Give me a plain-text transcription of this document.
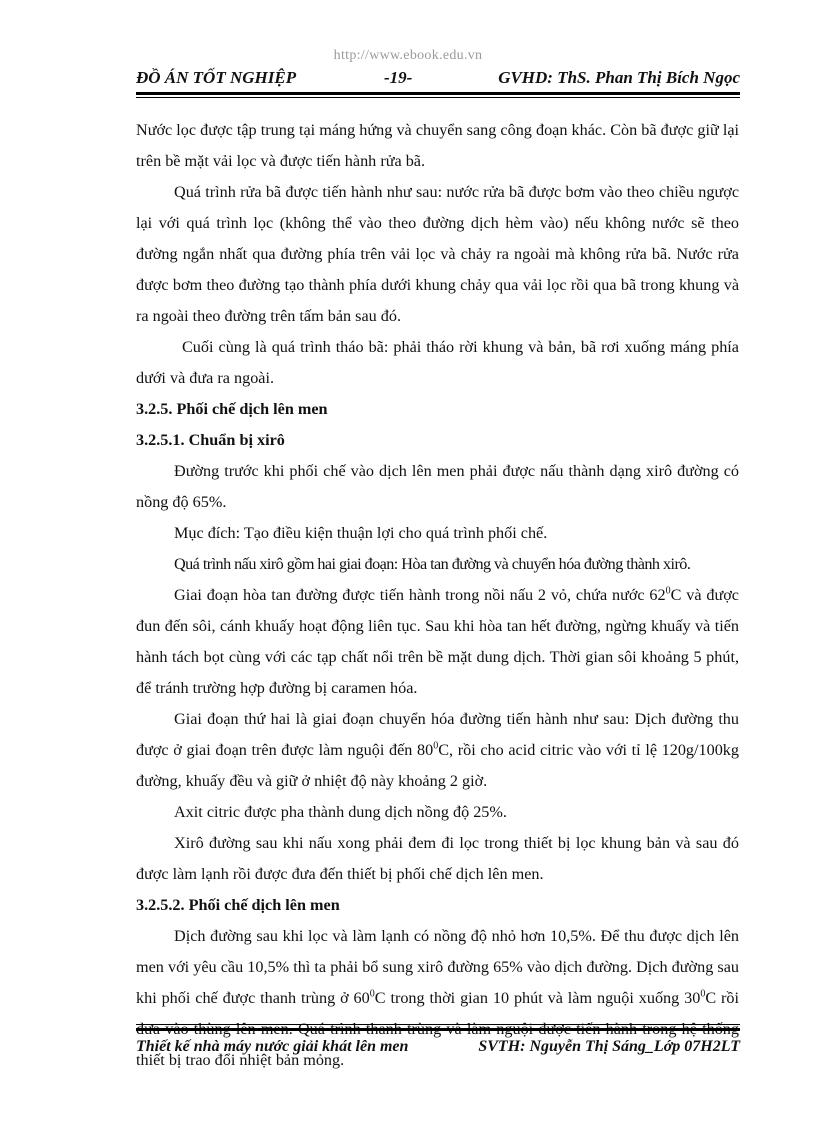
http://www.ebook.edu.vn
ĐỒ ÁN TỐT NGHIỆP	-19-	GVHD: ThS. Phan Thị Bích Ngọc

Nước lọc được tập trung tại máng hứng và chuyển sang công đoạn khác. Còn bã được giữ lại trên bề mặt vải lọc và được tiến hành rửa bã.

Quá trình rửa bã được tiến hành như sau: nước rửa bã được bơm vào theo chiều ngược lại với quá trình lọc (không thể vào theo đường dịch hèm vào) nếu không nước sẽ theo đường ngắn nhất qua đường phía trên vải lọc và chảy ra ngoài mà không rửa bã. Nước rửa được bơm theo đường tạo thành phía dưới khung chảy qua vải lọc rồi qua bã trong khung và ra ngoài theo đường trên tấm bản sau đó.

Cuối cùng là quá trình tháo bã: phải tháo rời khung và bản, bã rơi xuống máng phía dưới và đưa ra ngoài.

3.2.5. Phối chế dịch lên men

3.2.5.1. Chuẩn bị xirô

Đường trước khi phối chế vào dịch lên men phải được nấu thành dạng xirô đường có nồng độ 65%.

Mục đích: Tạo điều kiện thuận lợi cho quá trình phối chế.

Quá trình nấu xirô gồm hai giai đoạn: Hòa tan đường và chuyển hóa đường thành xirô.

Giai đoạn hòa tan đường được tiến hành trong nồi nấu 2 vỏ, chứa nước $62^0C$ và được đun đến sôi, cánh khuấy hoạt động liên tục. Sau khi hòa tan hết đường, ngừng khuấy và tiến hành tách bọt cùng với các tạp chất nổi trên bề mặt dung dịch. Thời gian sôi khoảng 5 phút, để tránh trường hợp đường bị caramen hóa.

Giai đoạn thứ hai là giai đoạn chuyển hóa đường tiến hành như sau: Dịch đường thu được ở giai đoạn trên được làm nguội đến $80^0C$, rồi cho acid citric vào với tỉ lệ 120g/100kg đường, khuấy đều và giữ ở nhiệt độ này khoảng 2 giờ.

Axit citric được pha thành dung dịch nồng độ 25%.

Xirô đường sau khi nấu xong phải đem đi lọc trong thiết bị lọc khung bản và sau đó được làm lạnh rồi được đưa đến thiết bị phối chế dịch lên men.

3.2.5.2. Phối chế dịch lên men

Dịch đường sau khi lọc và làm lạnh có nồng độ nhỏ hơn 10,5%. Để thu được dịch lên men với yêu cầu 10,5% thì ta phải bổ sung xirô đường 65% vào dịch đường. Dịch đường sau khi phối chế được thanh trùng ở $60^0C$ trong thời gian 10 phút và làm nguội xuống $30^0C$ rồi đưa vào thùng lên men. Quá trình thanh trùng và làm nguội được tiến hành trong hệ thống thiết bị trao đổi nhiệt bản mỏng.

Thiết kế nhà máy nước giải khát lên men	SVTH: Nguyễn Thị Sáng_Lớp 07H2LT
